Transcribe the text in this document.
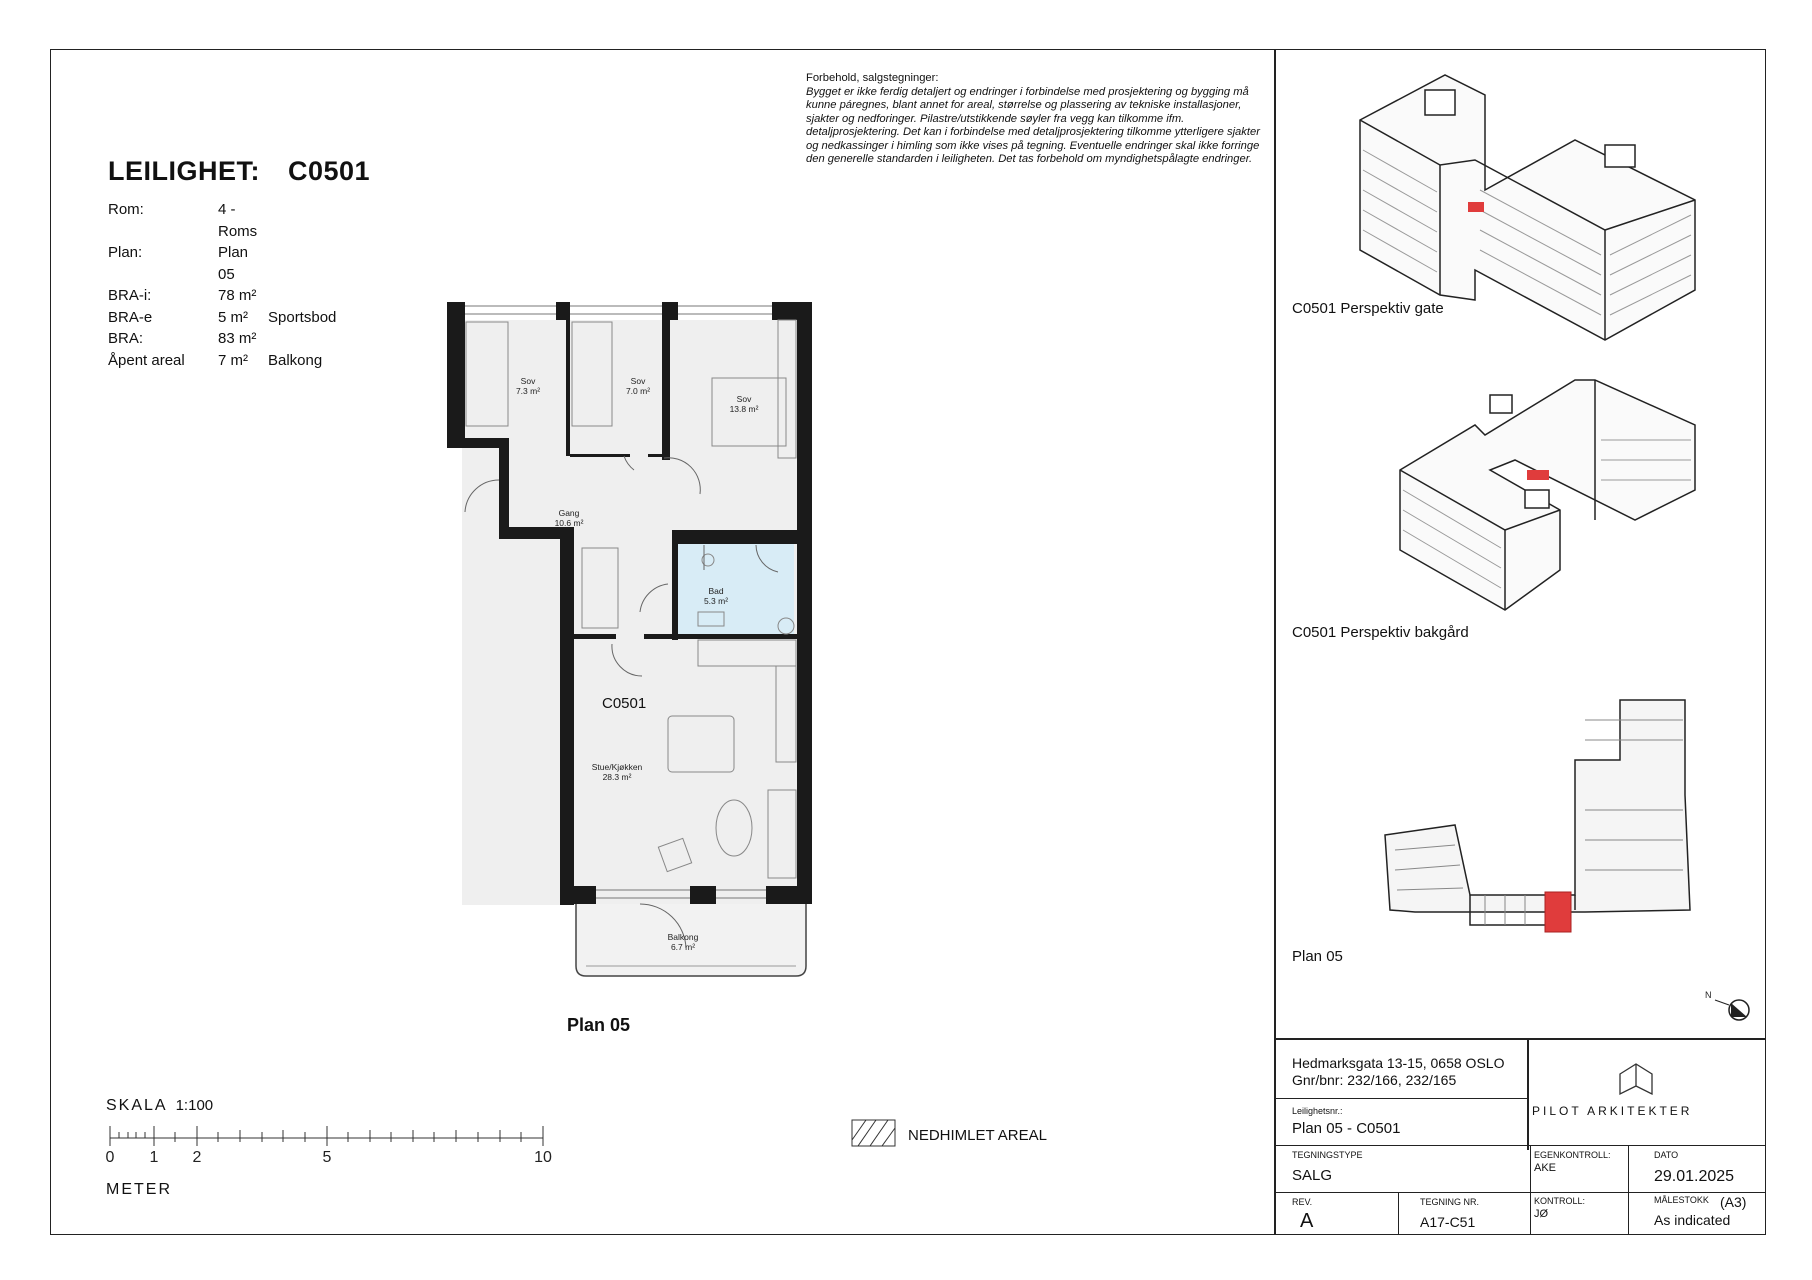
LEILIGHET: C0501
Rom:	4 - Roms	
Plan:	Plan 05	
BRA-i:	78 m²	
BRA-e	5 m²	Sportsbod
BRA:	83 m²	
Åpent areal	7 m²	Balkong
Forbehold, salgstegninger:
Bygget er ikke ferdig detaljert og endringer i forbindelse med prosjektering og bygging må kunne páregnes, blant annet for areal, størrelse og plassering av tekniske installasjoner, sjakter og nedforinger. Pilastre/utstikkende søyler fra vegg kan tilkomme ifm. detaljprosjektering. Det kan i forbindelse med detaljprosjektering tilkomme ytterligere sjakter og nedkassinger i himling som ikke vises på tegning. Eventuelle endringer skal ikke forringe den generelle standarden i leiligheten. Det tas forbehold om myndighetspålagte endringer.
Sov
7.3 m²
Sov
7.0 m²
Sov
13.8 m²
Gang
10.6 m²
Bad
5.3 m²
Stue/Kjøkken
28.3 m²
Balkong
6.7 m²
C0501
0 1 2	5	10
Plan 05
SKALA 1:100
METER
NEDHIMLET AREAL
N
C0501 Perspektiv gate
C0501 Perspektiv bakgård
Plan 05
Hedmarksgata 13-15, 0658 OSLO
Gnr/bnr: 232/166, 232/165
PILOT ARKITEKTER
Leilighetsnr.:
Plan 05 - C0501
TEGNINGSTYPE
SALG
EGENKONTROLL:
AKE
DATO
29.01.2025
REV.
A
TEGNING NR.
A17-C51
KONTROLL:
JØ
MÅLESTOKK (A3)
As indicated
